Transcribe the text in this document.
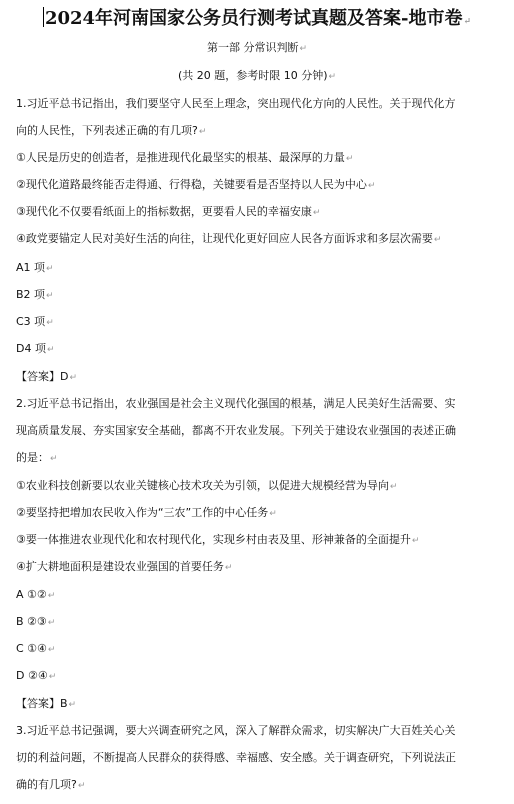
2024年河南国家公务员行测考试真题及答案-地市卷↵
第一部 分常识判断↵
(共 20 题，参考时限 10 分钟)↵
1.习近平总书记指出，我们要坚守人民至上理念，突出现代化方向的人民性。关于现代化方
向的人民性，下列表述正确的有几项?↵
①人民是历史的创造者，是推进现代化最坚实的根基、最深厚的力量↵
②现代化道路最终能否走得通、行得稳，关键要看是否坚持以人民为中心↵
③现代化不仅要看纸面上的指标数据，更要看人民的幸福安康↵
④政党要锚定人民对美好生活的向往，让现代化更好回应人民各方面诉求和多层次需要↵
A1 项↵
B2 项↵
C3 项↵
D4 项↵
【答案】D↵
2.习近平总书记指出，农业强国是社会主义现代化强国的根基，满足人民美好生活需要、实
现高质量发展、夯实国家安全基础，都离不开农业发展。下列关于建设农业强国的表述正确
的是：↵
①农业科技创新要以农业关键核心技术攻关为引领，以促进大规模经营为导向↵
②要坚持把增加农民收入作为“三农”工作的中心任务↵
③要一体推进农业现代化和农村现代化，实现乡村由表及里、形神兼备的全面提升↵
④扩大耕地面积是建设农业强国的首要任务↵
A ①②↵
B ②③↵
C ①④↵
D ②④↵
【答案】B↵
3.习近平总书记强调，要大兴调查研究之风，深入了解群众需求，切实解决广大百姓关心关
切的利益问题，不断提高人民群众的获得感、幸福感、安全感。关于调查研究，下列说法正
确的有几项?↵
